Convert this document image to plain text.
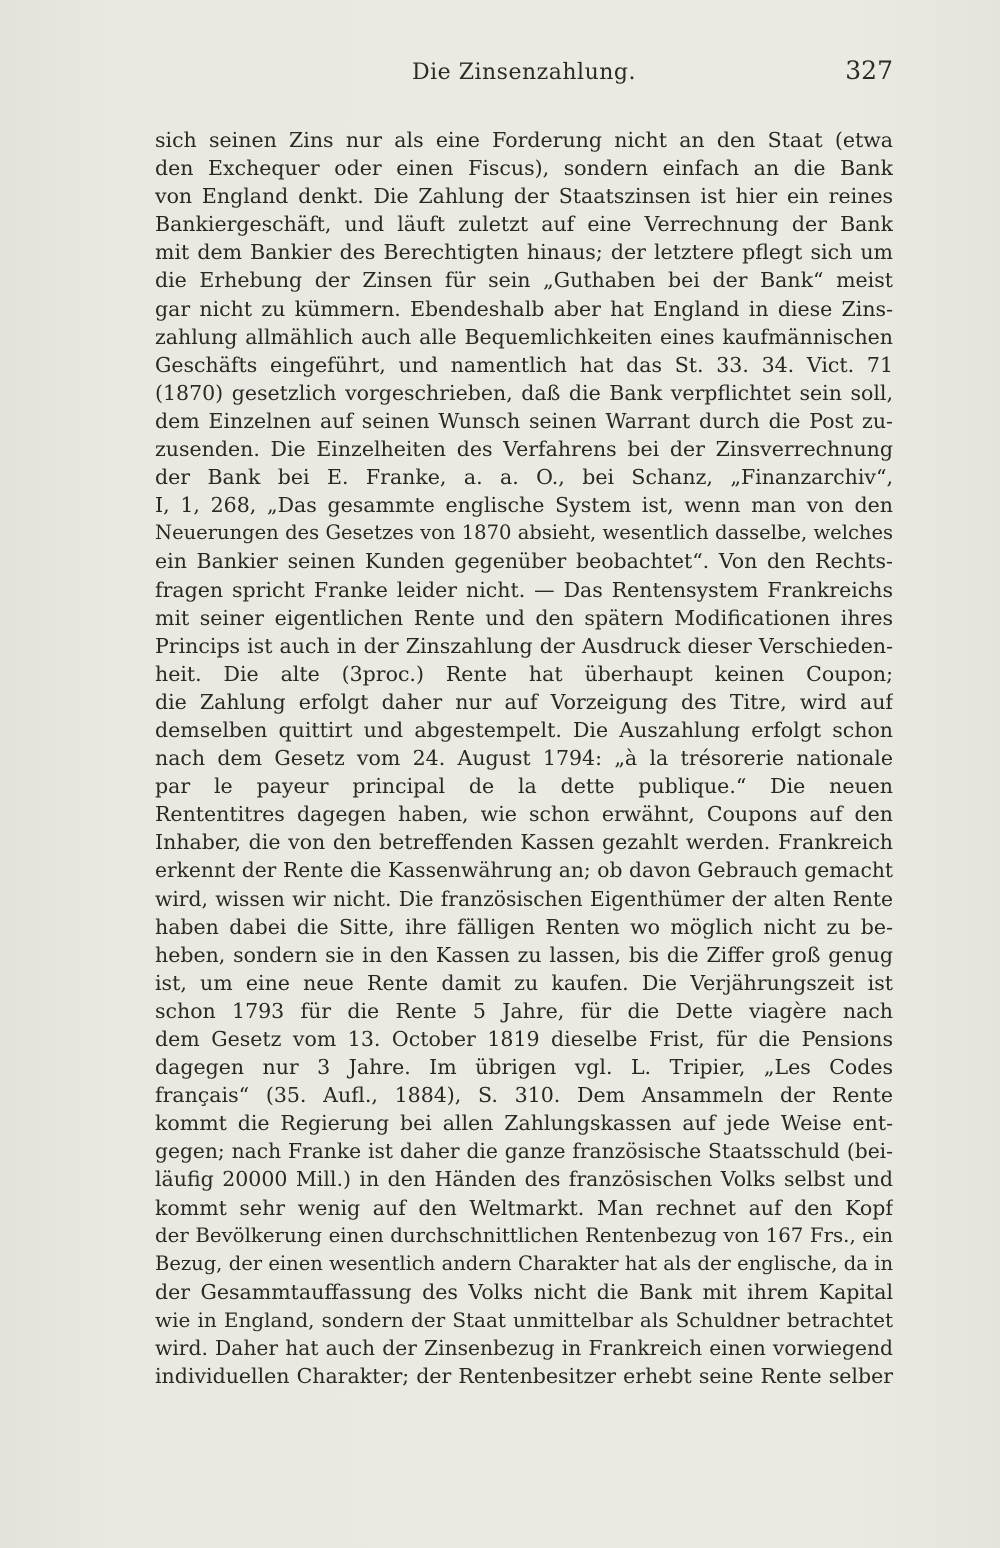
Die Zinsenzahlung.	327
sich seinen Zins nur als eine Forderung nicht an den Staat (etwa
den Exchequer oder einen Fiscus), sondern einfach an die Bank
von England denkt. Die Zahlung der Staatszinsen ist hier ein reines
Bankiergeschäft, und läuft zuletzt auf eine Verrechnung der Bank
mit dem Bankier des Berechtigten hinaus; der letztere pflegt sich um
die Erhebung der Zinsen für sein „Guthaben bei der Bank“ meist
gar nicht zu kümmern. Ebendeshalb aber hat England in diese Zins-
zahlung allmählich auch alle Bequemlichkeiten eines kaufmännischen
Geschäfts eingeführt, und namentlich hat das St. 33. 34. Vict. 71
(1870) gesetzlich vorgeschrieben, daß die Bank verpflichtet sein soll,
dem Einzelnen auf seinen Wunsch seinen Warrant durch die Post zu-
zusenden. Die Einzelheiten des Verfahrens bei der Zinsverrechnung
der Bank bei E. Franke, a. a. O., bei Schanz, „Finanzarchiv“,
I, 1, 268, „Das gesammte englische System ist, wenn man von den
Neuerungen des Gesetzes von 1870 absieht, wesentlich dasselbe, welches
ein Bankier seinen Kunden gegenüber beobachtet“. Von den Rechts-
fragen spricht Franke leider nicht. — Das Rentensystem Frankreichs
mit seiner eigentlichen Rente und den spätern Modificationen ihres
Princips ist auch in der Zinszahlung der Ausdruck dieser Verschieden-
heit. Die alte (3proc.) Rente hat überhaupt keinen Coupon;
die Zahlung erfolgt daher nur auf Vorzeigung des Titre, wird auf
demselben quittirt und abgestempelt. Die Auszahlung erfolgt schon
nach dem Gesetz vom 24. August 1794: „à la trésorerie nationale
par le payeur principal de la dette publique.“ Die neuen
Rententitres dagegen haben, wie schon erwähnt, Coupons auf den
Inhaber, die von den betreffenden Kassen gezahlt werden. Frankreich
erkennt der Rente die Kassenwährung an; ob davon Gebrauch gemacht
wird, wissen wir nicht. Die französischen Eigenthümer der alten Rente
haben dabei die Sitte, ihre fälligen Renten wo möglich nicht zu be-
heben, sondern sie in den Kassen zu lassen, bis die Ziffer groß genug
ist, um eine neue Rente damit zu kaufen. Die Verjährungszeit ist
schon 1793 für die Rente 5 Jahre, für die Dette viagère nach
dem Gesetz vom 13. October 1819 dieselbe Frist, für die Pensions
dagegen nur 3 Jahre. Im übrigen vgl. L. Tripier, „Les Codes
français“ (35. Aufl., 1884), S. 310. Dem Ansammeln der Rente
kommt die Regierung bei allen Zahlungskassen auf jede Weise ent-
gegen; nach Franke ist daher die ganze französische Staatsschuld (bei-
läufig 20000 Mill.) in den Händen des französischen Volks selbst und
kommt sehr wenig auf den Weltmarkt. Man rechnet auf den Kopf
der Bevölkerung einen durchschnittlichen Rentenbezug von 167 Frs., ein
Bezug, der einen wesentlich andern Charakter hat als der englische, da in
der Gesammtauffassung des Volks nicht die Bank mit ihrem Kapital
wie in England, sondern der Staat unmittelbar als Schuldner betrachtet
wird. Daher hat auch der Zinsenbezug in Frankreich einen vorwiegend
individuellen Charakter; der Rentenbesitzer erhebt seine Rente selber
